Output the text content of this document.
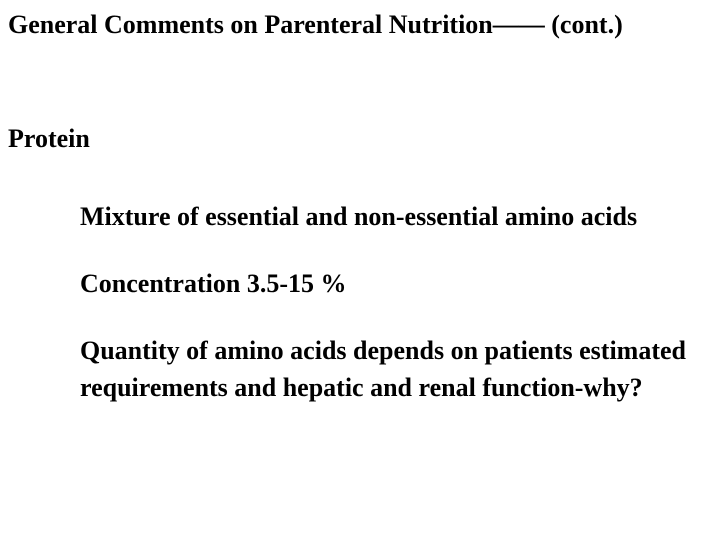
General Comments on Parenteral Nutrition—— (cont.)
Protein
Mixture of essential and non-essential amino acids
Concentration 3.5-15 %
Quantity of amino acids depends on patients estimated requirements and hepatic and renal function-why?
